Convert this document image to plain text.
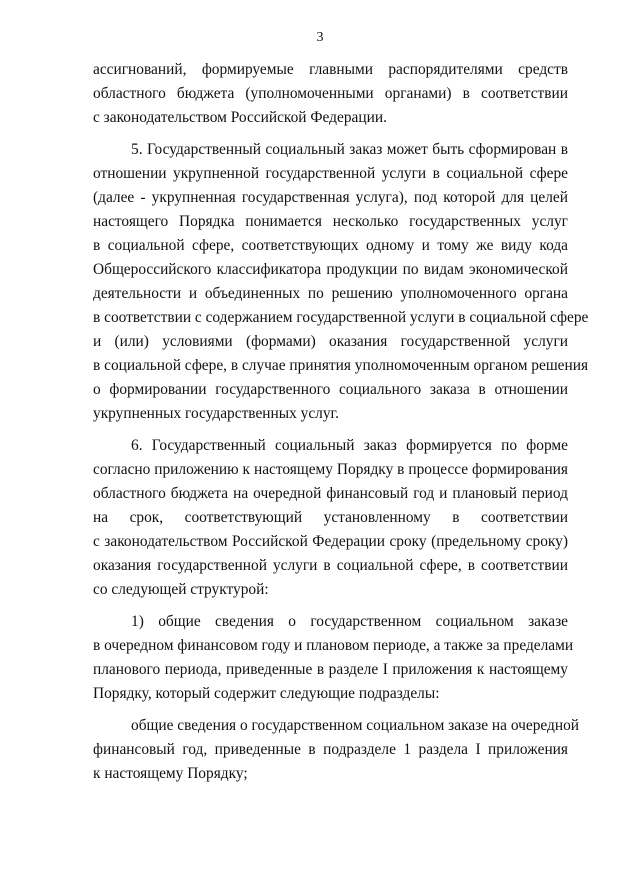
3
ассигнований, формируемые главными распорядителями средств
областного бюджета (уполномоченными органами) в соответствии
с законодательством Российской Федерации.
5. Государственный социальный заказ может быть сформирован в
отношении укрупненной государственной услуги в социальной сфере
(далее - укрупненная государственная услуга), под которой для целей
настоящего Порядка понимается несколько государственных услуг
в социальной сфере, соответствующих одному и тому же виду кода
Общероссийского классификатора продукции по видам экономической
деятельности и объединенных по решению уполномоченного органа
в соответствии с содержанием государственной услуги в социальной сфере
и (или) условиями (формами) оказания государственной услуги
в социальной сфере, в случае принятия уполномоченным органом решения
о формировании государственного социального заказа в отношении
укрупненных государственных услуг.
6. Государственный социальный заказ формируется по форме
согласно приложению к настоящему Порядку в процессе формирования
областного бюджета на очередной финансовый год и плановый период
на срок, соответствующий установленному в соответствии
с законодательством Российской Федерации сроку (предельному сроку)
оказания государственной услуги в социальной сфере, в соответствии
со следующей структурой:
1) общие сведения о государственном социальном заказе
в очередном финансовом году и плановом периоде, а также за пределами
планового периода, приведенные в разделе I приложения к настоящему
Порядку, который содержит следующие подразделы:
общие сведения о государственном социальном заказе на очередной
финансовый год, приведенные в подразделе 1 раздела I приложения
к настоящему Порядку;
